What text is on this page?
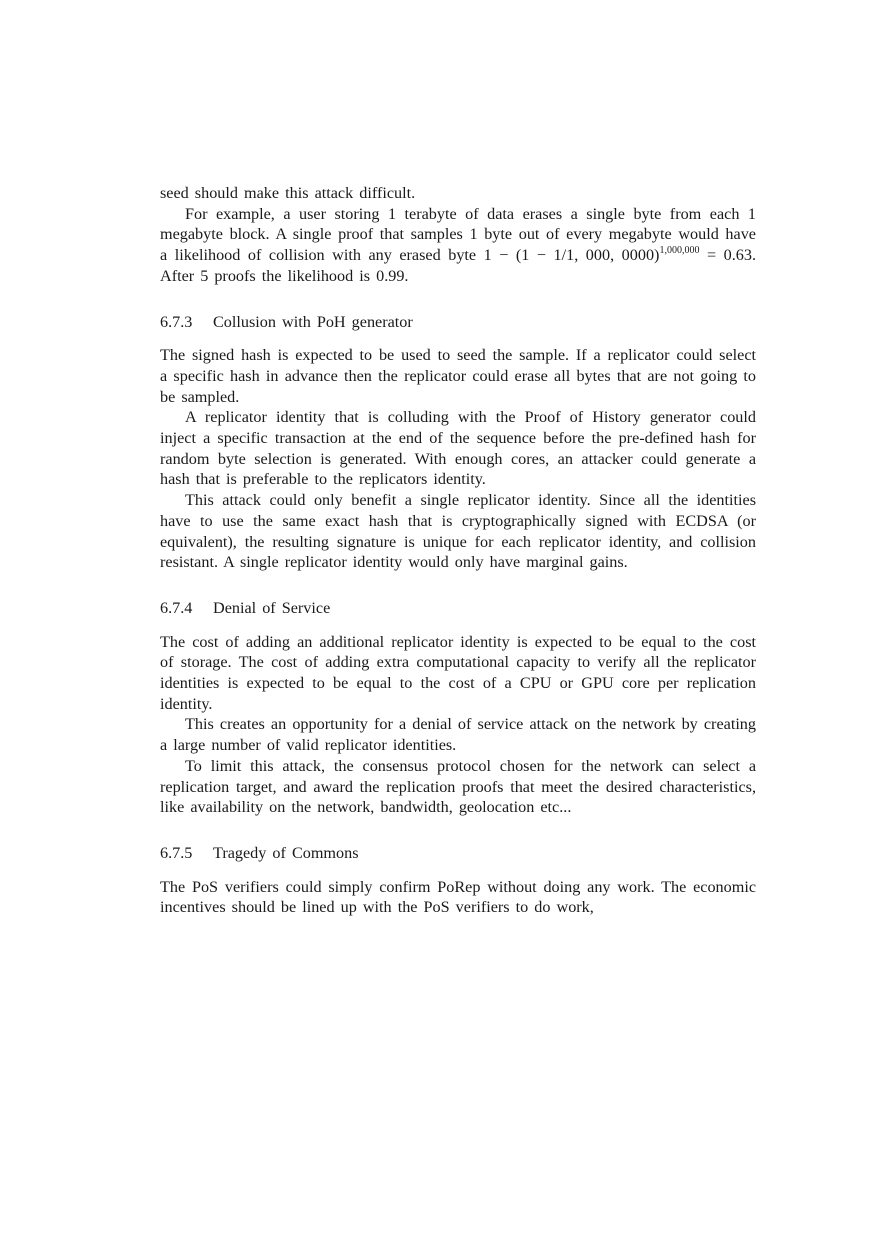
seed should make this attack difficult.

For example, a user storing 1 terabyte of data erases a single byte from each 1 megabyte block. A single proof that samples 1 byte out of every megabyte would have a likelihood of collision with any erased byte 1 − (1 − 1/1, 000, 0000)$^{1,000,000}$ = 0.63. After 5 proofs the likelihood is 0.99.

6.7.3 Collusion with PoH generator

The signed hash is expected to be used to seed the sample. If a replicator could select a specific hash in advance then the replicator could erase all bytes that are not going to be sampled.

A replicator identity that is colluding with the Proof of History generator could inject a specific transaction at the end of the sequence before the pre-defined hash for random byte selection is generated. With enough cores, an attacker could generate a hash that is preferable to the replicators identity.

This attack could only benefit a single replicator identity. Since all the identities have to use the same exact hash that is cryptographically signed with ECDSA (or equivalent), the resulting signature is unique for each replicator identity, and collision resistant. A single replicator identity would only have marginal gains.

6.7.4 Denial of Service

The cost of adding an additional replicator identity is expected to be equal to the cost of storage. The cost of adding extra computational capacity to verify all the replicator identities is expected to be equal to the cost of a CPU or GPU core per replication identity.

This creates an opportunity for a denial of service attack on the network by creating a large number of valid replicator identities.

To limit this attack, the consensus protocol chosen for the network can select a replication target, and award the replication proofs that meet the desired characteristics, like availability on the network, bandwidth, geolocation etc...

6.7.5 Tragedy of Commons

The PoS verifiers could simply confirm PoRep without doing any work. The economic incentives should be lined up with the PoS verifiers to do work,
